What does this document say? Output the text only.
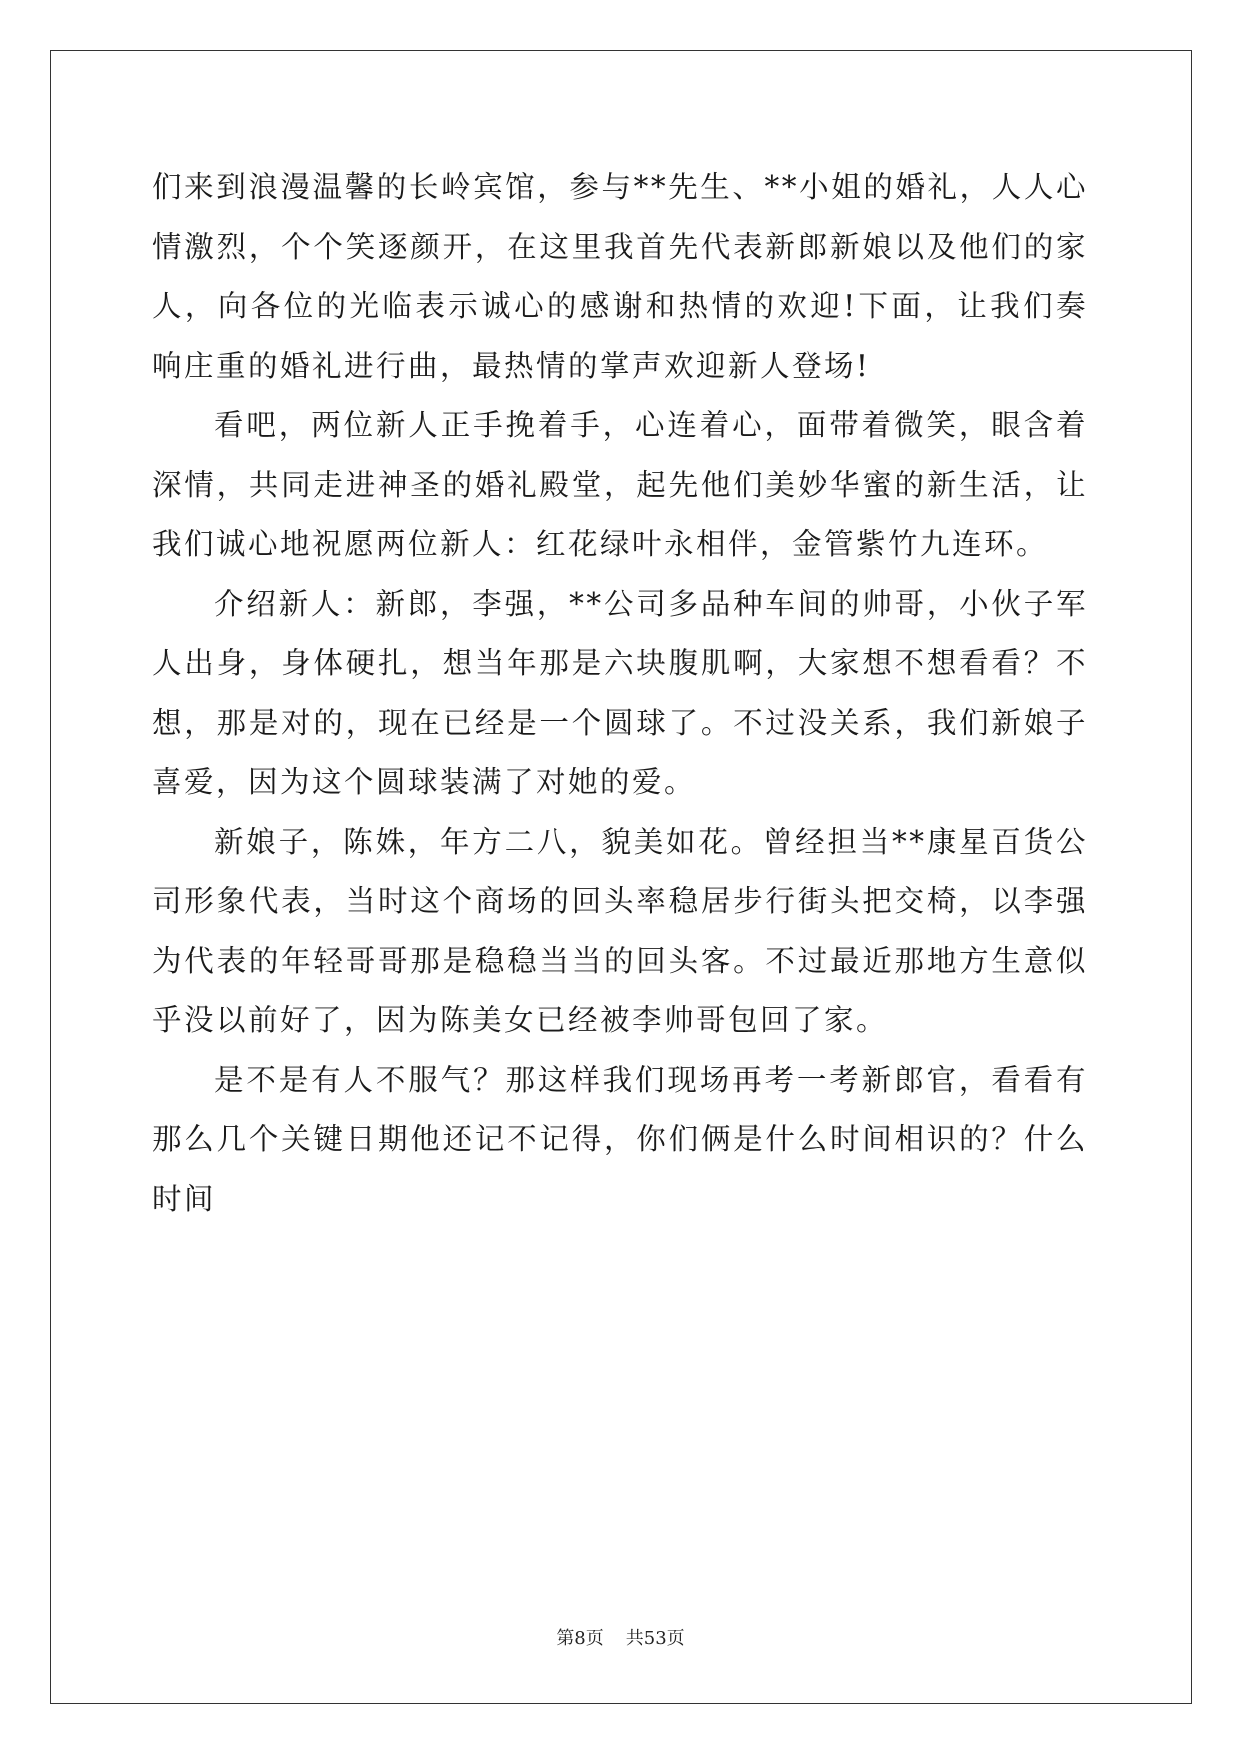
们来到浪漫温馨的长岭宾馆，参与**先生、**小姐的婚礼，人人心情激烈，个个笑逐颜开，在这里我首先代表新郎新娘以及他们的家人，向各位的光临表示诚心的感谢和热情的欢迎!下面，让我们奏响庄重的婚礼进行曲，最热情的掌声欢迎新人登场!

看吧，两位新人正手挽着手，心连着心，面带着微笑，眼含着深情，共同走进神圣的婚礼殿堂，起先他们美妙华蜜的新生活，让我们诚心地祝愿两位新人：红花绿叶永相伴，金管紫竹九连环。

介绍新人：新郎，李强，**公司多品种车间的帅哥，小伙子军人出身，身体硬扎，想当年那是六块腹肌啊，大家想不想看看？不想，那是对的，现在已经是一个圆球了。不过没关系，我们新娘子喜爱，因为这个圆球装满了对她的爱。

新娘子，陈姝，年方二八，貌美如花。曾经担当**康星百货公司形象代表，当时这个商场的回头率稳居步行街头把交椅，以李强为代表的年轻哥哥那是稳稳当当的回头客。不过最近那地方生意似乎没以前好了，因为陈美女已经被李帅哥包回了家。

是不是有人不服气？那这样我们现场再考一考新郎官，看看有那么几个关键日期他还记不记得，你们俩是什么时间相识的？什么时间

第8页 共53页
